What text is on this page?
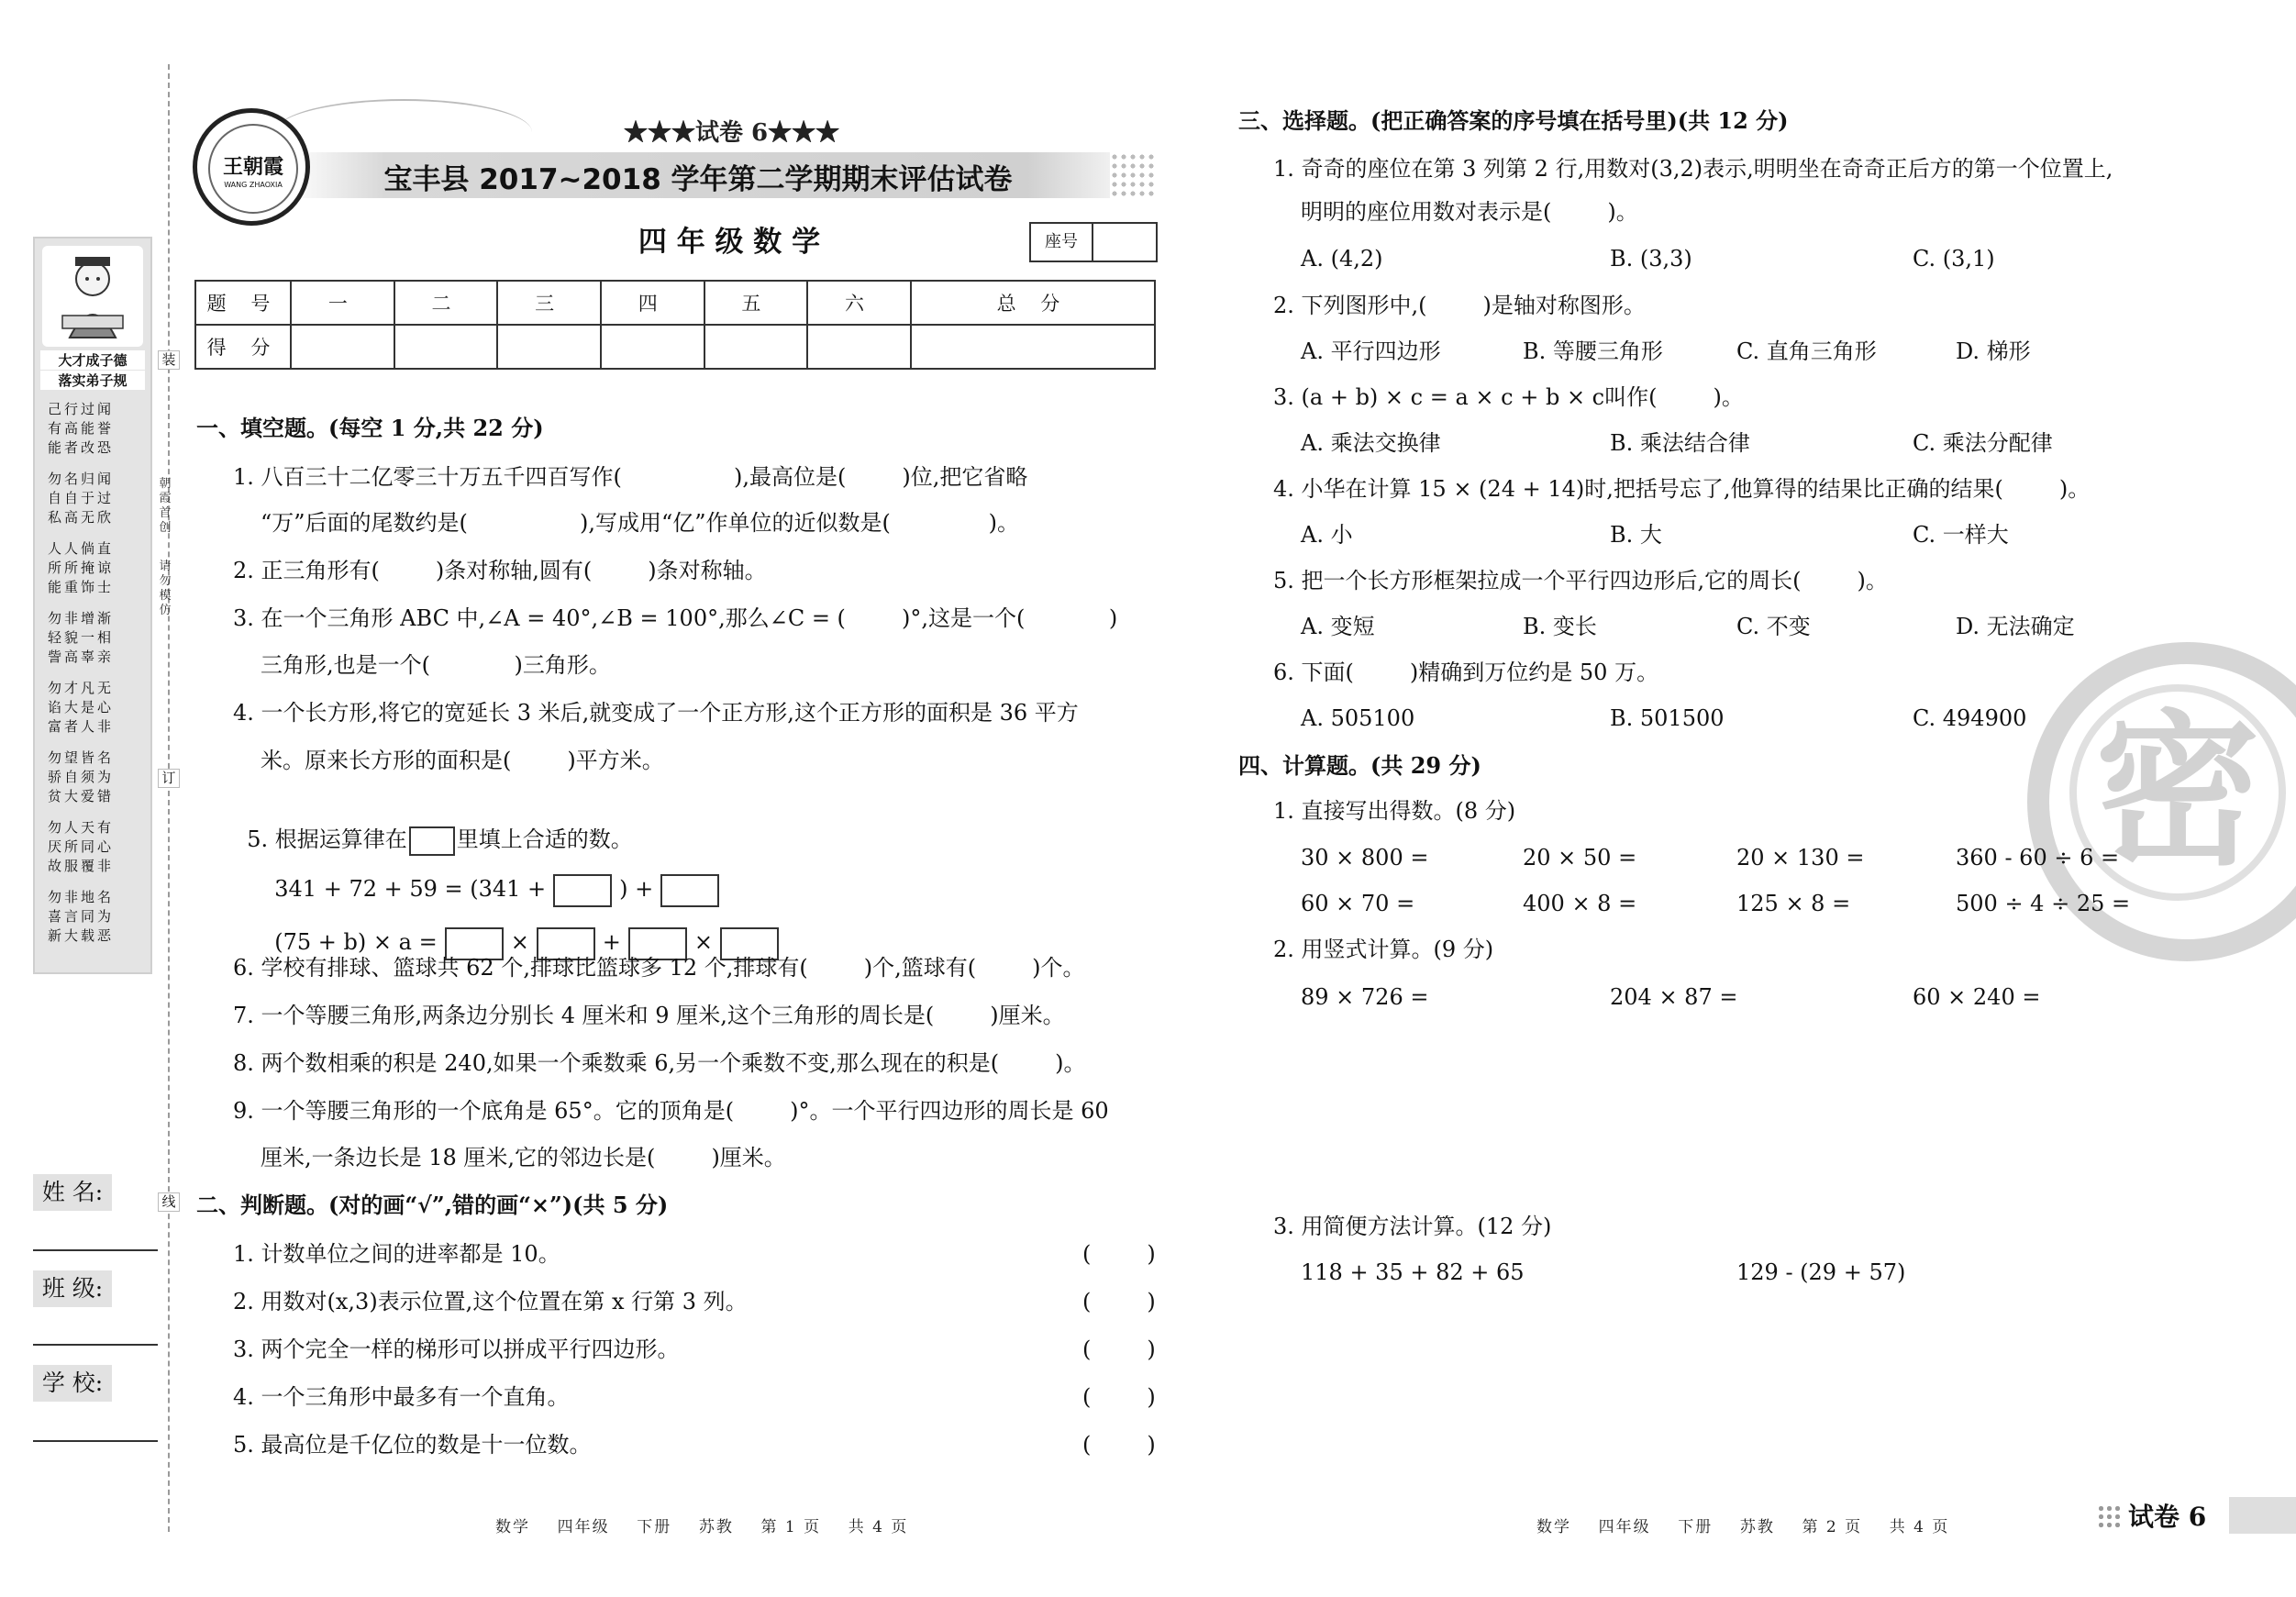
大才成子德
落实弟子规
己行过闻
有高能誉
能者改恐
勿名归闻
自自于过
私高无欣
人人倘直
所所掩谅
能重饰士
勿非增渐
轻貌一相
訾高辜亲
勿才凡无
谄大是心
富者人非
勿望皆名
骄自须为
贫大爱错
勿人天有
厌所同心
故服覆非
勿非地名
喜言同为
新大载恶
装
朝霞首创
请勿模仿
订
线
姓 名:
班 级:
学 校:
王朝霞
WANG ZHAOXIA
★★★试卷 6★★★
宝丰县 2017~2018 学年第二学期期末评估试卷
四 年 级 数 学	座号
题 号	一	二	三	四	五	六	总 分
得 分							
一、填空题。(每空 1 分,共 22 分)
1. 八百三十二亿零三十万五千四百写作(                ),最高位是(        )位,把它省略
“万”后面的尾数约是(                ),写成用“亿”作单位的近似数是(              )。
2. 正三角形有(        )条对称轴,圆有(        )条对称轴。
3. 在一个三角形 ABC 中,∠A = 40°,∠B = 100°,那么∠C = (        )°,这是一个(            )
三角形,也是一个(            )三角形。
4. 一个长方形,将它的宽延长 3 米后,就变成了一个正方形,这个正方形的面积是 36 平方
米。原来长方形的面积是(        )平方米。

5. 根据运算律在 里填上合适的数。

341 + 72 + 59 = (341 +	) +

(75 + b) × a =	×	+	×

6. 学校有排球、篮球共 62 个,排球比篮球多 12 个,排球有(        )个,篮球有(        )个。
7. 一个等腰三角形,两条边分别长 4 厘米和 9 厘米,这个三角形的周长是(        )厘米。
8. 两个数相乘的积是 240,如果一个乘数乘 6,另一个乘数不变,那么现在的积是(        )。
9. 一个等腰三角形的一个底角是 65°。它的顶角是(        )°。一个平行四边形的周长是 60
厘米,一条边长是 18 厘米,它的邻边长是(        )厘米。
二、判断题。(对的画“√”,错的画“×”)(共 5 分)
1. 计数单位之间的进率都是 10。	(        )
2. 用数对(x,3)表示位置,这个位置在第 x 行第 3 列。	(        )
3. 两个完全一样的梯形可以拼成平行四边形。	(        )
4. 一个三角形中最多有一个直角。	(        )
5. 最高位是千亿位的数是十一位数。	(        )
数学    四年级    下册    苏教    第 1 页    共 4 页
密
三、选择题。(把正确答案的序号填在括号里)(共 12 分)
1. 奇奇的座位在第 3 列第 2 行,用数对(3,2)表示,明明坐在奇奇正后方的第一个位置上,
明明的座位用数对表示是(        )。
A. (4,2)	B. (3,3)	C. (3,1)
2. 下列图形中,(        )是轴对称图形。
A. 平行四边形	B. 等腰三角形	C. 直角三角形	D. 梯形
3. (a + b) × c = a × c + b × c叫作(        )。
A. 乘法交换律	B. 乘法结合律	C. 乘法分配律
4. 小华在计算 15 × (24 + 14)时,把括号忘了,他算得的结果比正确的结果(        )。
A. 小	B. 大	C. 一样大
5. 把一个长方形框架拉成一个平行四边形后,它的周长(        )。
A. 变短	B. 变长	C. 不变	D. 无法确定
6. 下面(        )精确到万位约是 50 万。
A. 505100	B. 501500	C. 494900
四、计算题。(共 29 分)
1. 直接写出得数。(8 分)
30 × 800 =	20 × 50 =	20 × 130 =	360 - 60 ÷ 6 =
60 × 70 =	400 × 8 =	125 × 8 =	500 ÷ 4 ÷ 25 =
2. 用竖式计算。(9 分)
89 × 726 =	204 × 87 =	60 × 240 =
3. 用简便方法计算。(12 分)
118 + 35 + 82 + 65	129 - (29 + 57)
数学    四年级    下册    苏教    第 2 页    共 4 页	试卷 6
